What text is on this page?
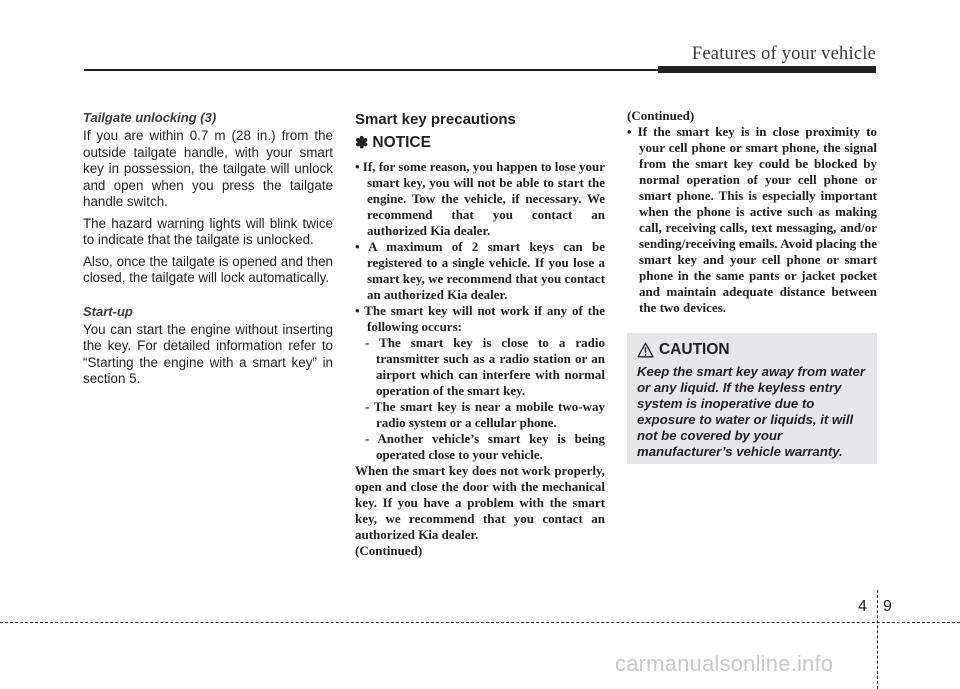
Features of your vehicle
Tailgate unlocking (3)

If you are within 0.7 m (28 in.) from the outside tailgate handle, with your smart key in possession, the tailgate will unlock and open when you press the tailgate handle switch.

The hazard warning lights will blink twice to indicate that the tailgate is unlocked.

Also, once the tailgate is opened and then closed, the tailgate will lock automatically.

Start-up

You can start the engine without inserting the key. For detailed information refer to “Starting the engine with a smart key” in section 5.

Smart key precautions
✽ NOTICE

• If, for some reason, you happen to lose your smart key, you will not be able to start the engine. Tow the vehicle, if necessary. We recommend that you contact an authorized Kia dealer.

• A maximum of 2 smart keys can be registered to a single vehicle. If you lose a smart key, we recommend that you contact an authorized Kia dealer.

• The smart key will not work if any of the following occurs:

- The smart key is close to a radio transmitter such as a radio station or an airport which can interfere with normal operation of the smart key.

- The smart key is near a mobile two-way radio system or a cellular phone.

- Another vehicle’s smart key is being operated close to your vehicle.

When the smart key does not work properly, open and close the door with the mechanical key. If you have a problem with the smart key, we recommend that you contact an authorized Kia dealer.

(Continued)

(Continued)

• If the smart key is in close proximity to your cell phone or smart phone, the signal from the smart key could be blocked by normal operation of your cell phone or smart phone. This is especially important when the phone is active such as making call, receiving calls, text messaging, and/or sending/receiving emails. Avoid placing the smart key and your cell phone or smart phone in the same pants or jacket pocket and maintain adequate distance between the two devices.

CAUTION
Keep the smart key away from water or any liquid. If the keyless entry system is inoperative due to exposure to water or liquids, it will not be covered by your manufacturer’s vehicle warranty.
4 9
carmanualsonline.info
